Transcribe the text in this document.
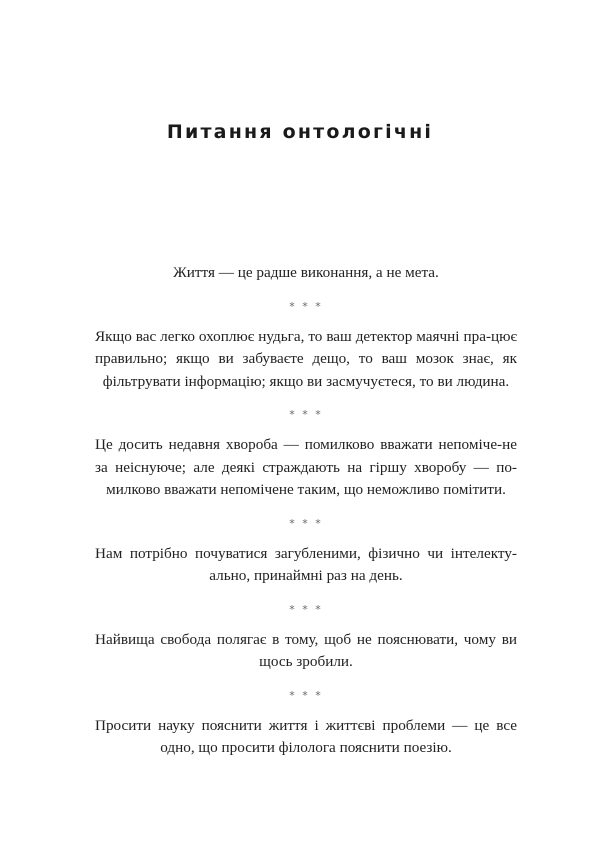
Питання онтологічні

Життя — це радше виконання, а не мета.

* * *

Якщо вас легко охоплює нудьга, то ваш детектор маячні пра-цює правильно; якщо ви забуваєте дещо, то ваш мозок знає, як фільтрувати інформацію; якщо ви засмучуєтеся, то ви людина.

* * *

Це досить недавня хвороба — помилково вважати непоміче-не за неіснуюче; але деякі страждають на гіршу хворобу — по-милково вважати непомічене таким, що неможливо помітити.

* * *

Нам потрібно почуватися загубленими, фізично чи інтелекту-ально, принаймні раз на день.

* * *

Найвища свобода полягає в тому, щоб не пояснювати, чому ви щось зробили.

* * *

Просити науку пояснити життя і життєві проблеми — це все одно, що просити філолога пояснити поезію.
